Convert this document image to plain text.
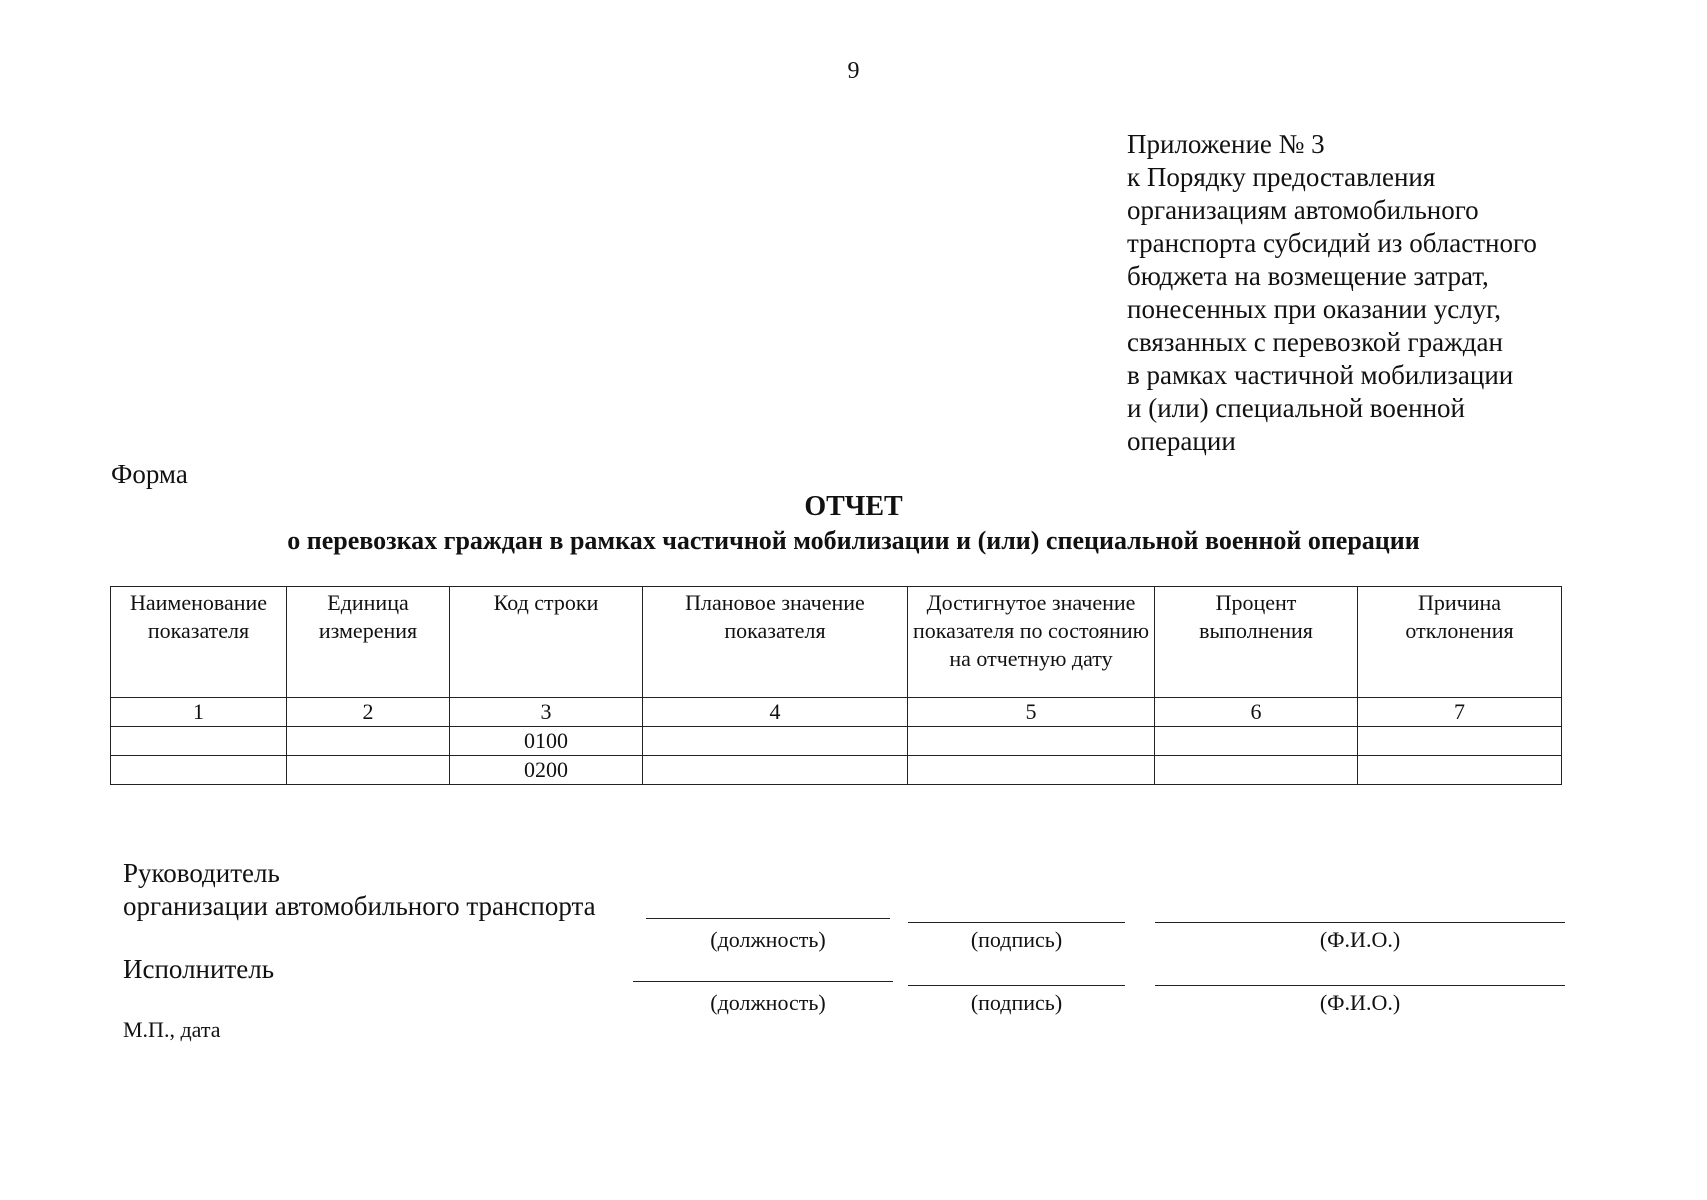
9
Приложение № 3
к Порядку предоставления
организациям автомобильного
транспорта субсидий из областного
бюджета на возмещение затрат,
понесенных при оказании услуг,
связанных с перевозкой граждан
в рамках частичной мобилизации
и (или) специальной военной
операции
Форма
ОТЧЕТ
о перевозках граждан в рамках частичной мобилизации и (или) специальной военной операции
Наименование показателя	Единица измерения	Код строки	Плановое значение показателя	Достигнутое значение показателя по состоянию на отчетную дату	Процент выполнения	Причина отклонения
1	2	3	4	5	6	7
		0100				
		0200				
Руководитель
организации автомобильного транспорта
(должность)	(подпись)	(Ф.И.О.)
Исполнитель
(должность)	(подпись)	(Ф.И.О.)
М.П., дата
